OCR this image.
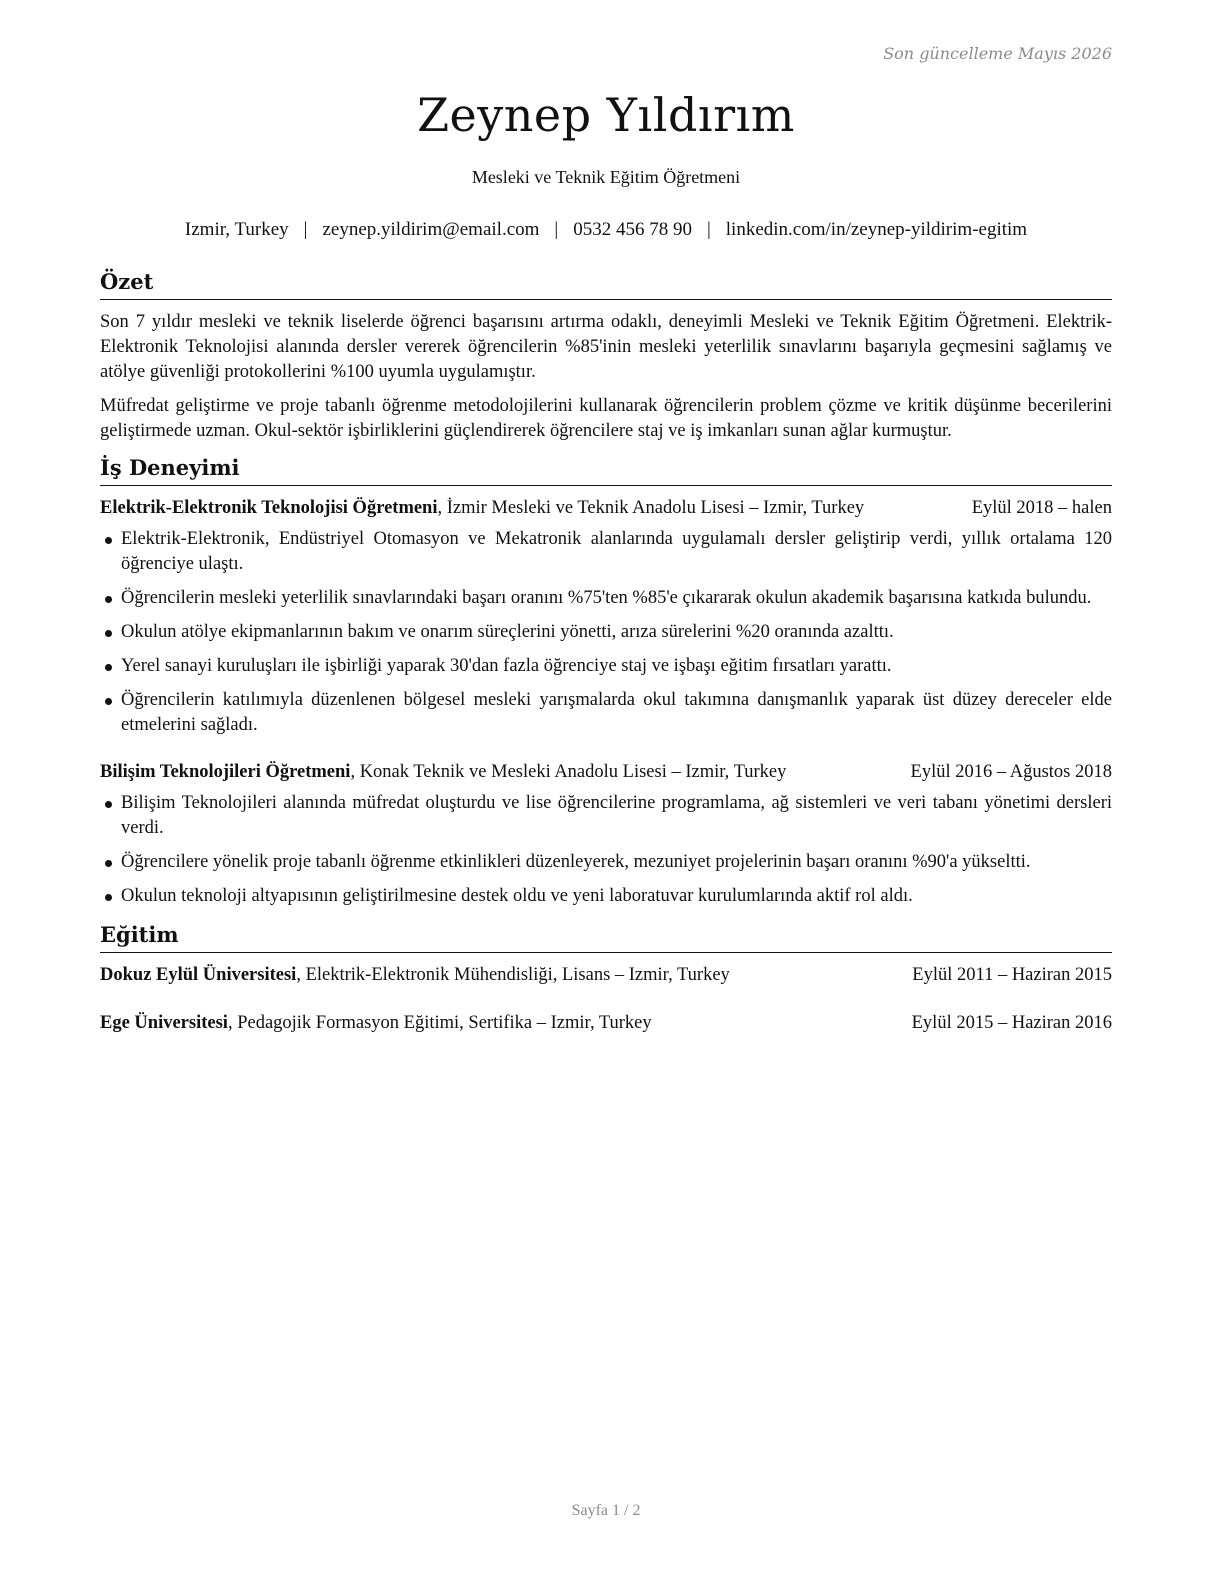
Son güncelleme Mayıs 2026
Zeynep Yıldırım
Mesleki ve Teknik Eğitim Öğretmeni
Izmir, Turkey | zeynep.yildirim@email.com | 0532 456 78 90 | linkedin.com/in/zeynep-yildirim-egitim
Özet

Son 7 yıldır mesleki ve teknik liselerde öğrenci başarısını artırma odaklı, deneyimli Mesleki ve Teknik Eğitim Öğretmeni. Elektrik-Elektronik Teknolojisi alanında dersler vererek öğrencilerin %85'inin mesleki yeterlilik sınavlarını başarıyla geçmesini sağlamış ve atölye güvenliği protokollerini %100 uyumla uygulamıştır.

Müfredat geliştirme ve proje tabanlı öğrenme metodolojilerini kullanarak öğrencilerin problem çözme ve kritik düşünme becerilerini geliştirmede uzman. Okul-sektör işbirliklerini güçlendirerek öğrencilere staj ve iş imkanları sunan ağlar kurmuştur.

İş Deneyimi
Elektrik-Elektronik Teknolojisi Öğretmeni, İzmir Mesleki ve Teknik Anadolu Lisesi – Izmir, Turkey	Eylül 2018 – halen
Elektrik-Elektronik, Endüstriyel Otomasyon ve Mekatronik alanlarında uygulamalı dersler geliştirip verdi, yıllık ortalama 120 öğrenciye ulaştı.
Öğrencilerin mesleki yeterlilik sınavlarındaki başarı oranını %75'ten %85'e çıkararak okulun akademik başarısına katkıda bulundu.
Okulun atölye ekipmanlarının bakım ve onarım süreçlerini yönetti, arıza sürelerini %20 oranında azalttı.
Yerel sanayi kuruluşları ile işbirliği yaparak 30'dan fazla öğrenciye staj ve işbaşı eğitim fırsatları yarattı.
Öğrencilerin katılımıyla düzenlenen bölgesel mesleki yarışmalarda okul takımına danışmanlık yaparak üst düzey dereceler elde etmelerini sağladı.
Bilişim Teknolojileri Öğretmeni, Konak Teknik ve Mesleki Anadolu Lisesi – Izmir, Turkey	Eylül 2016 – Ağustos 2018
Bilişim Teknolojileri alanında müfredat oluşturdu ve lise öğrencilerine programlama, ağ sistemleri ve veri tabanı yönetimi dersleri verdi.
Öğrencilere yönelik proje tabanlı öğrenme etkinlikleri düzenleyerek, mezuniyet projelerinin başarı oranını %90'a yükseltti.
Okulun teknoloji altyapısının geliştirilmesine destek oldu ve yeni laboratuvar kurulumlarında aktif rol aldı.
Eğitim
Dokuz Eylül Üniversitesi, Elektrik-Elektronik Mühendisliği, Lisans – Izmir, Turkey	Eylül 2011 – Haziran 2015
Ege Üniversitesi, Pedagojik Formasyon Eğitimi, Sertifika – Izmir, Turkey	Eylül 2015 – Haziran 2016
Sayfa 1 / 2
